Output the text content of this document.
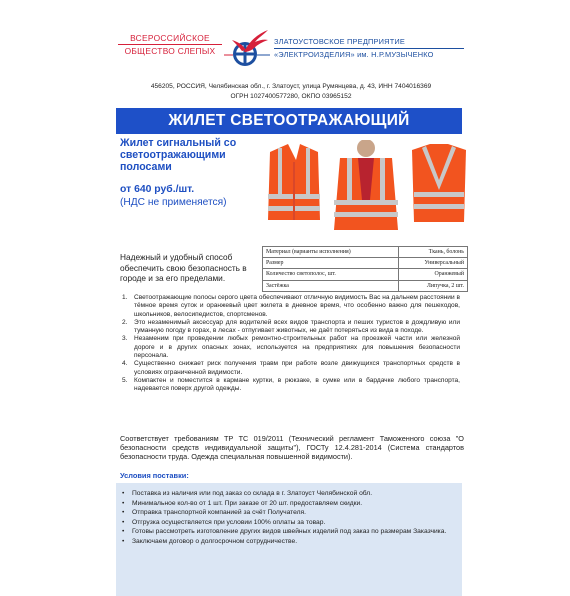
ВСЕРОССИЙСКОЕ
ОБЩЕСТВО СЛЕПЫХ
ЗЛАТОУСТОВСКОЕ ПРЕДПРИЯТИЕ
«ЭЛЕКТРОИЗДЕЛИЯ» им. Н.Р.МУЗЫЧЕНКО
456205, РОССИЯ, Челябинская обл., г. Златоуст, улица Румянцева, д. 43, ИНН 7404016369
ОГРН 1027400577280, ОКПО 03965152
ЖИЛЕТ СВЕТООТРАЖАЮЩИЙ
Жилет сигнальный со светоотражающими полосами
от 640 руб./шт.
(НДС не применяется)
Надежный и удобный способ обеспечить свою безопасность в городе и за его пределами.
Материал (варианты исполнения)	Ткань, болонь
Размер	Универсальный
Количество светополос, шт.	Оранжевый
Застёжка	Липучка, 2 шт.
1. Светоотражающие полосы серого цвета обеспечивают отличную видимость Вас на дальнем расстоянии в тёмное время суток и оранжевый цвет жилета в дневное время, что особенно важно для пешеходов, школьников, велосипедистов, спортсменов.
2. Это незаменимый аксессуар для водителей всех видов транспорта и пеших туристов в дождливую или туманную погоду в горах, в лесах - отпугивает животных, не даёт потеряться из вида в походе.
3. Незаменим при проведении любых ремонтно-строительных работ на проезжей части или железной дороге и в других опасных зонах, используется на предприятиях для повышения безопасности персонала.
4. Существенно снижает риск получения травм при работе возле движущихся транспортных средств в условиях ограниченной видимости.
5. Компактен и поместится в кармане куртки, в рюкзаке, в сумке или в бардачке любого транспорта, надевается поверх другой одежды.
Соответствует требованиям ТР ТС 019/2011 (Технический регламент Таможенного союза "О безопасности средств индивидуальной защиты"), ГОСТу 12.4.281-2014 (Система стандартов безопасности труда. Одежда специальная повышенной видимости).
Условия поставки:
• Поставка из наличия или под заказ со склада в г. Златоуст Челябинской обл.
• Минимальное кол-во от 1 шт. При заказе от 20 шт. предоставляем скидки.
• Отправка транспортной компанией за счёт Получателя.
• Отгрузка осуществляется при условии 100% оплаты за товар.
• Готовы рассмотреть изготовление других видов швейных изделий под заказ по размерам Заказчика.
• Заключаем договор о долгосрочном сотрудничестве.
